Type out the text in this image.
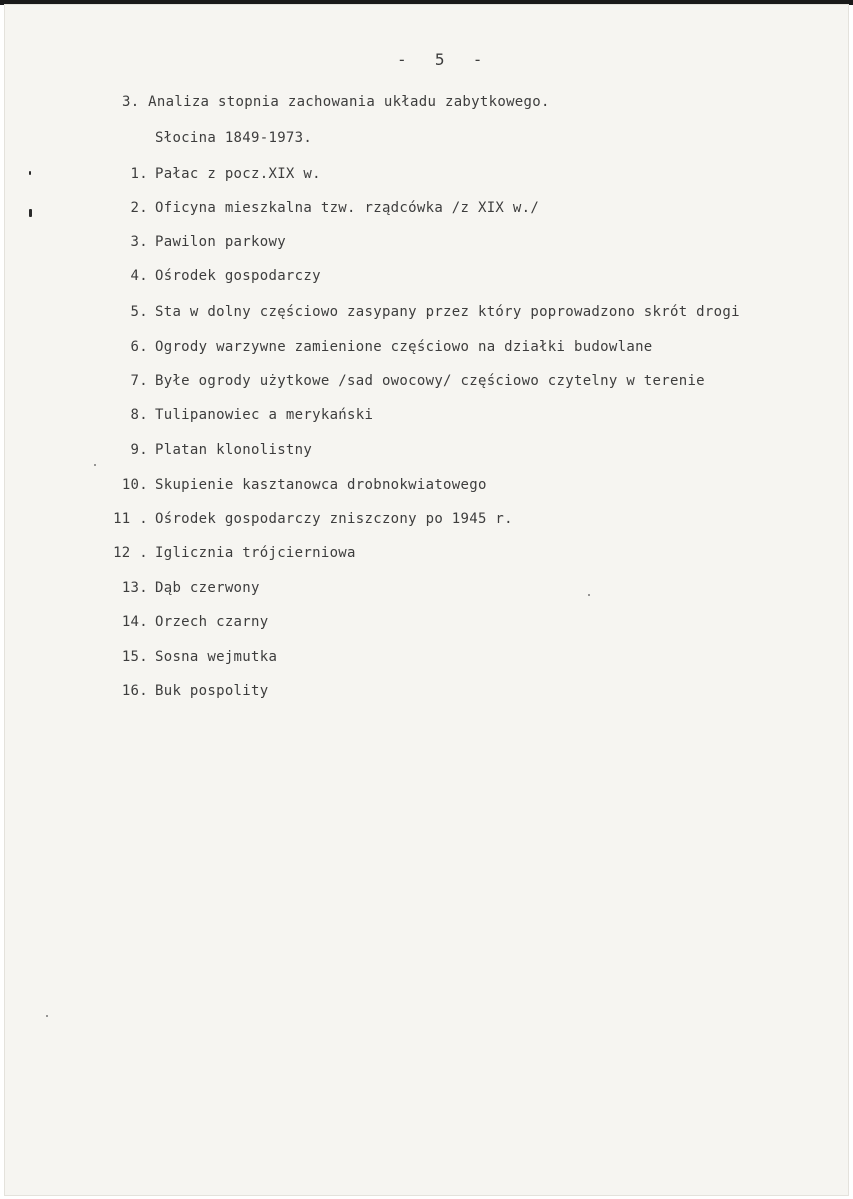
- 5 -
3. Analiza stopnia zachowania układu zabytkowego.
Słocina 1849-1973.
1. Pałac z pocz.XIX w.
2. Oficyna mieszkalna tzw. rządcówka /z XIX w./
3. Pawilon parkowy
4. Ośrodek gospodarczy
5. Sta w dolny częściowo zasypany przez który poprowadzono skrót drogi
6. Ogrody warzywne zamienione częściowo na działki budowlane
7. Byłe ogrody użytkowe /sad owocowy/ częściowo czytelny w terenie
8. Tulipanowiec a merykański
9. Platan klonolistny
10. Skupienie kasztanowca drobnokwiatowego
11 . Ośrodek gospodarczy zniszczony po 1945 r.
12 . Iglicznia trójcierniowa
13. Dąb czerwony
14. Orzech czarny
15. Sosna wejmutka
16. Buk pospolity
